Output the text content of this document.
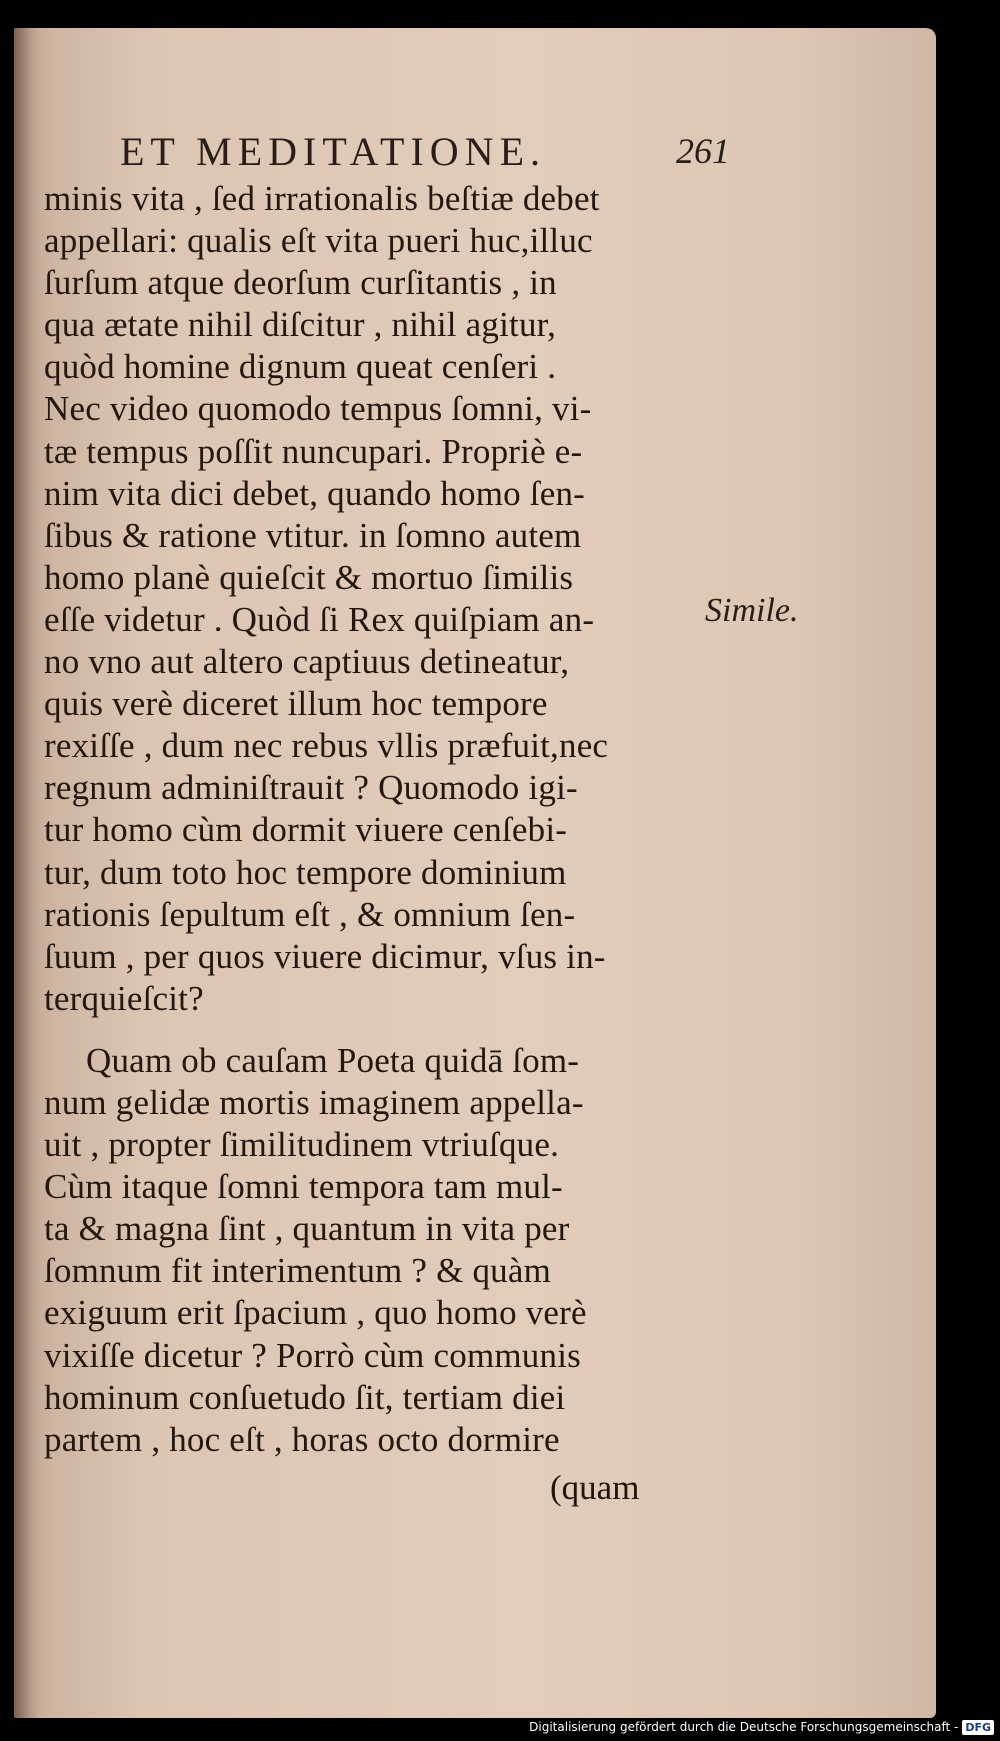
ET MEDITATIONE.	261
minis vita , ſed irrationalis beſtiæ debet
appellari: qualis eſt vita pueri huc,illuc
ſurſum atque deorſum curſitantis , in
qua ætate nihil diſcitur , nihil agitur,
quòd homine dignum queat cenſeri .
Nec video quomodo tempus ſomni, vi-
tæ tempus poſſit nuncupari. Propriè e-
nim vita dici debet, quando homo ſen-
ſibus & ratione vtitur. in ſomno autem
homo planè quieſcit & mortuo ſimilis
eſſe videtur . Quòd ſi Rex quiſpiam an-
no vno aut altero captiuus detineatur,
quis verè diceret illum hoc tempore
rexiſſe , dum nec rebus vllis præfuit,nec
regnum adminiſtrauit ? Quomodo igi-
tur homo cùm dormit viuere cenſebi-
tur, dum toto hoc tempore dominium
rationis ſepultum eſt , & omnium ſen-
ſuum , per quos viuere dicimur, vſus in-
terquieſcit?
Quam ob cauſam Poeta quidā ſom-
num gelidæ mortis imaginem appella-
uit , propter ſimilitudinem vtriuſque.
Cùm itaque ſomni tempora tam mul-
ta & magna ſint , quantum in vita per
ſomnum fit interimentum ? & quàm
exiguum erit ſpacium , quo homo verè
vixiſſe dicetur ? Porrò cùm communis
hominum conſuetudo ſit, tertiam diei
partem , hoc eſt , horas octo dormire
Simile.
(quam
Digitalisierung gefördert durch die Deutsche Forschungsgemeinschaft - DFG
